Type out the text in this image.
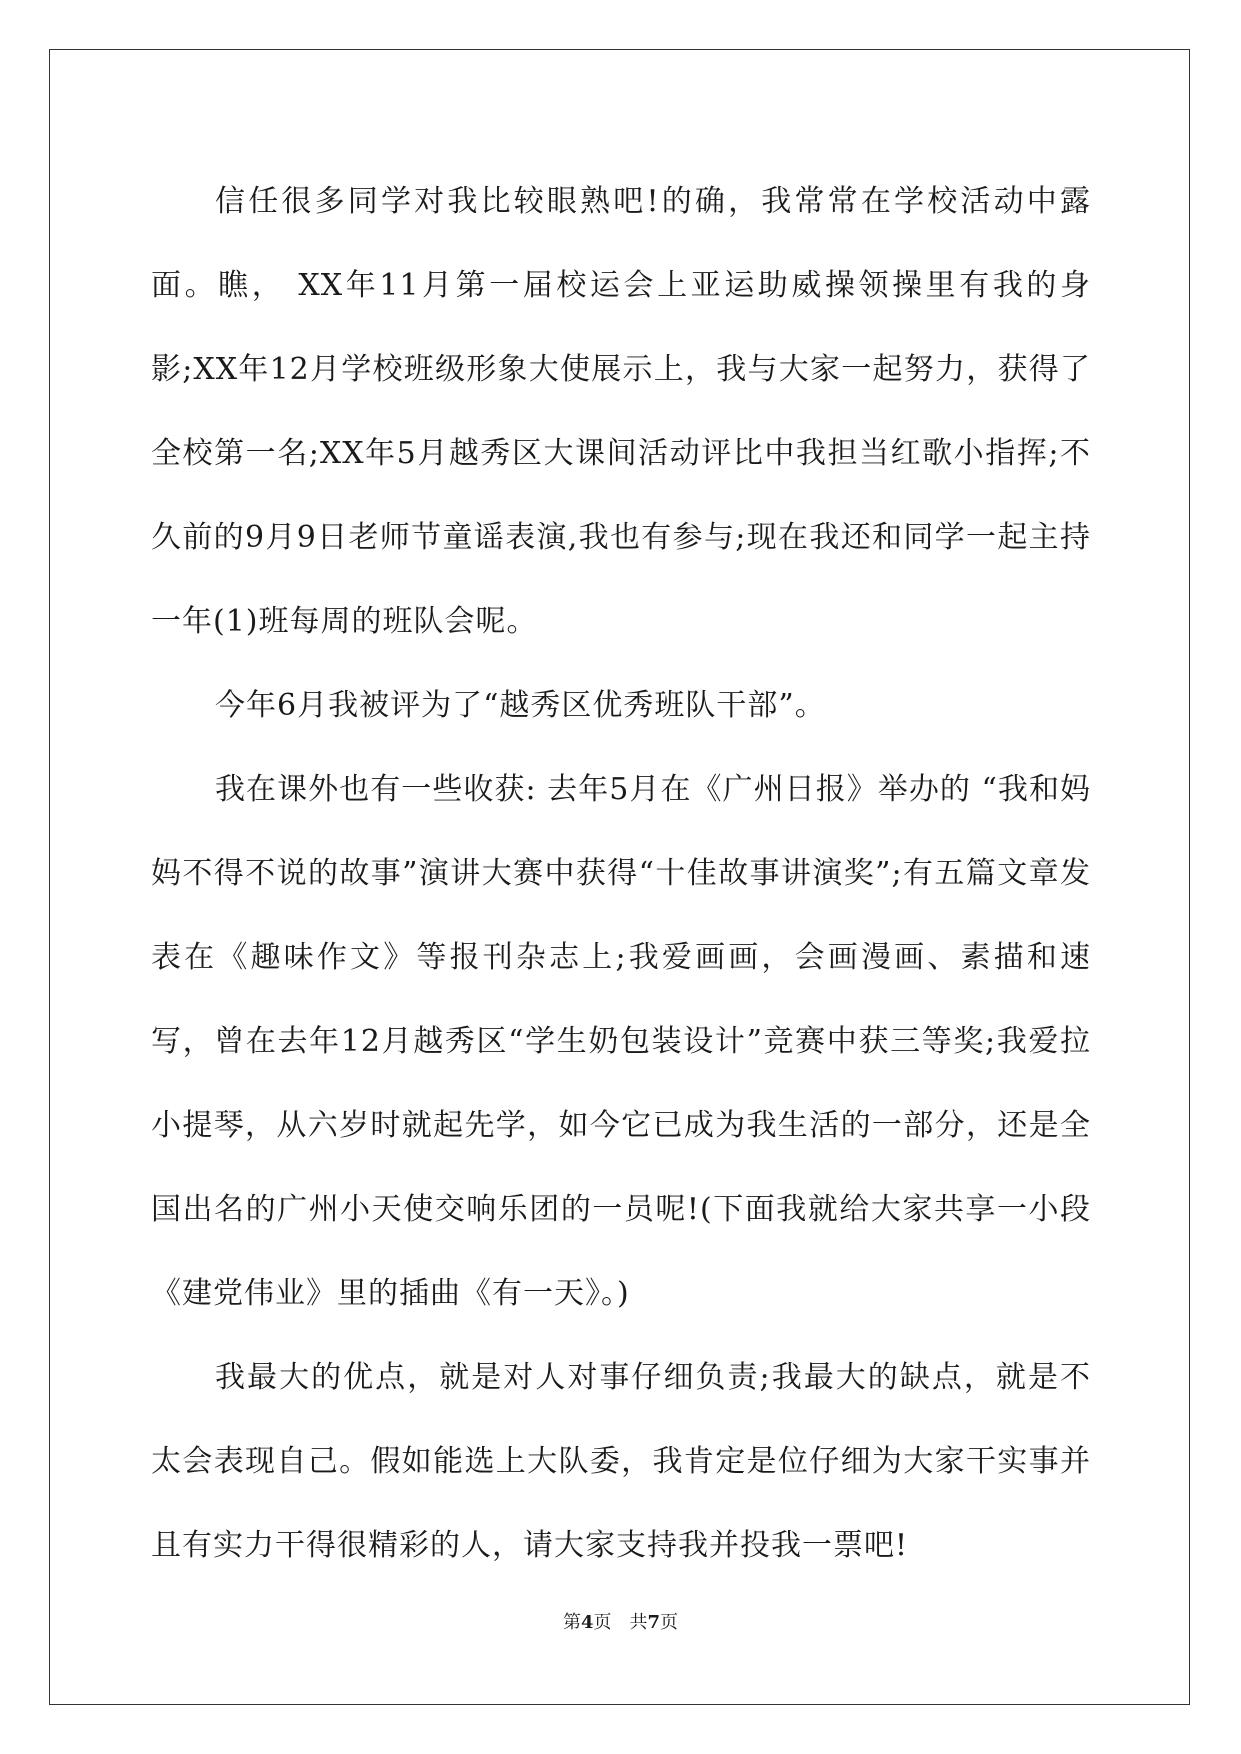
信任很多同学对我比较眼熟吧!的确，我常常在学校活动中露面。瞧， XX年11月第一届校运会上亚运助威操领操里有我的身影;XX年12月学校班级形象大使展示上，我与大家一起努力，获得了全校第一名;XX年5月越秀区大课间活动评比中我担当红歌小指挥;不久前的9月9日老师节童谣表演,我也有参与;现在我还和同学一起主持一年(1)班每周的班队会呢。

今年6月我被评为了“越秀区优秀班队干部”。

我在课外也有一些收获: 去年5月在《广州日报》举办的 “我和妈妈不得不说的故事”演讲大赛中获得“十佳故事讲演奖”;有五篇文章发表在《趣味作文》等报刊杂志上;我爱画画，会画漫画、素描和速写，曾在去年12月越秀区“学生奶包装设计”竞赛中获三等奖;我爱拉小提琴，从六岁时就起先学，如今它已成为我生活的一部分，还是全国出名的广州小天使交响乐团的一员呢!(下面我就给大家共享一小段《建党伟业》里的插曲《有一天》。)

我最大的优点，就是对人对事仔细负责;我最大的缺点，就是不太会表现自己。假如能选上大队委，我肯定是位仔细为大家干实事并且有实力干得很精彩的人，请大家支持我并投我一票吧!

第4页 共7页
